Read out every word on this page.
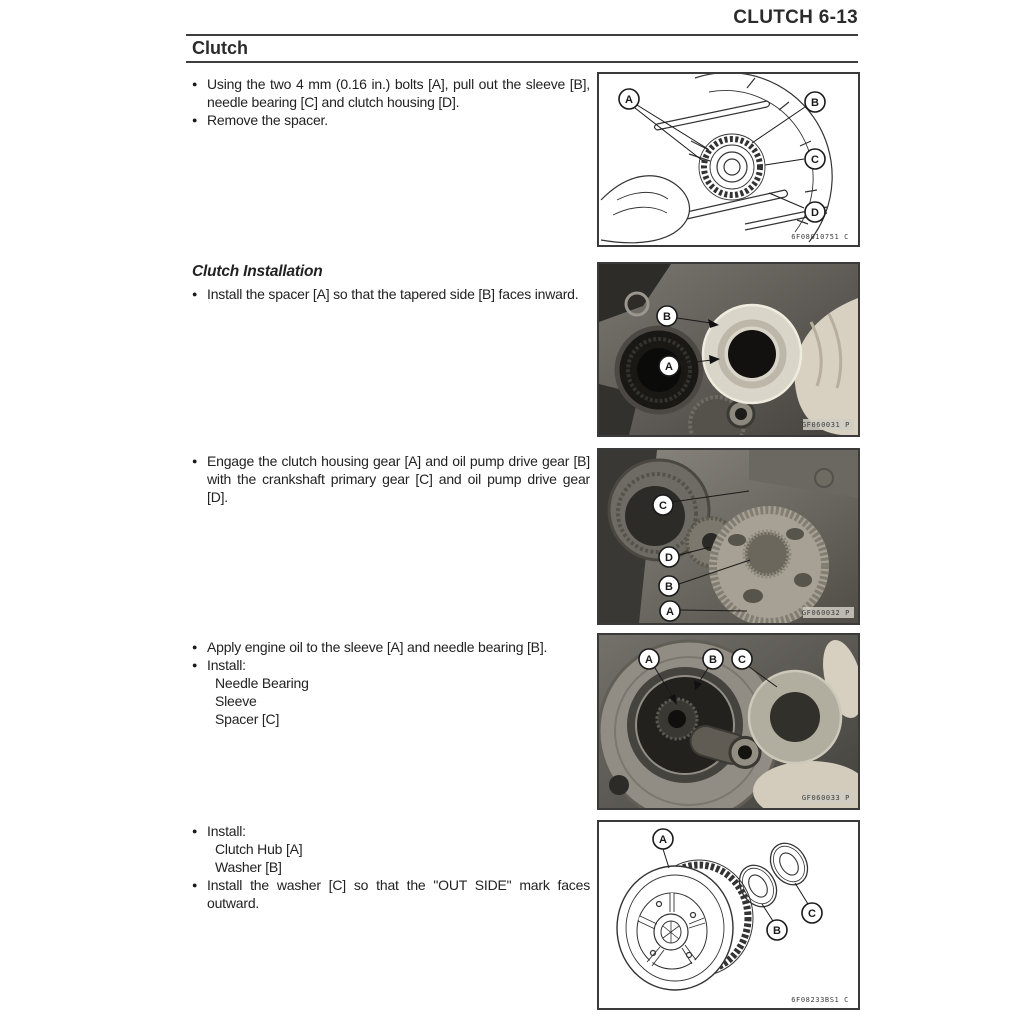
CLUTCH 6-13
Clutch

● Using the two 4 mm (0.16 in.) bolts [A], pull out the sleeve [B], needle bearing [C] and clutch housing [D].

● Remove the spacer.

Clutch Installation

● Install the spacer [A] so that the tapered side [B] faces inward.

● Engage the clutch housing gear [A] and oil pump drive gear [B] with the crankshaft primary gear [C] and oil pump drive gear [D].

● Apply engine oil to the sleeve [A] and needle bearing [B].

● Install:

Needle Bearing

Sleeve

Spacer [C]

● Install:

Clutch Hub [A]

Washer [B]

● Install the washer [C] so that the "OUT SIDE" mark faces outward.

A	B
C
D
6F08010751 C
B
A
GF060031 P
C
D
B
A	GF060032 P
A	B C
GF060033 P
A
B
C
6F08233BS1 C
